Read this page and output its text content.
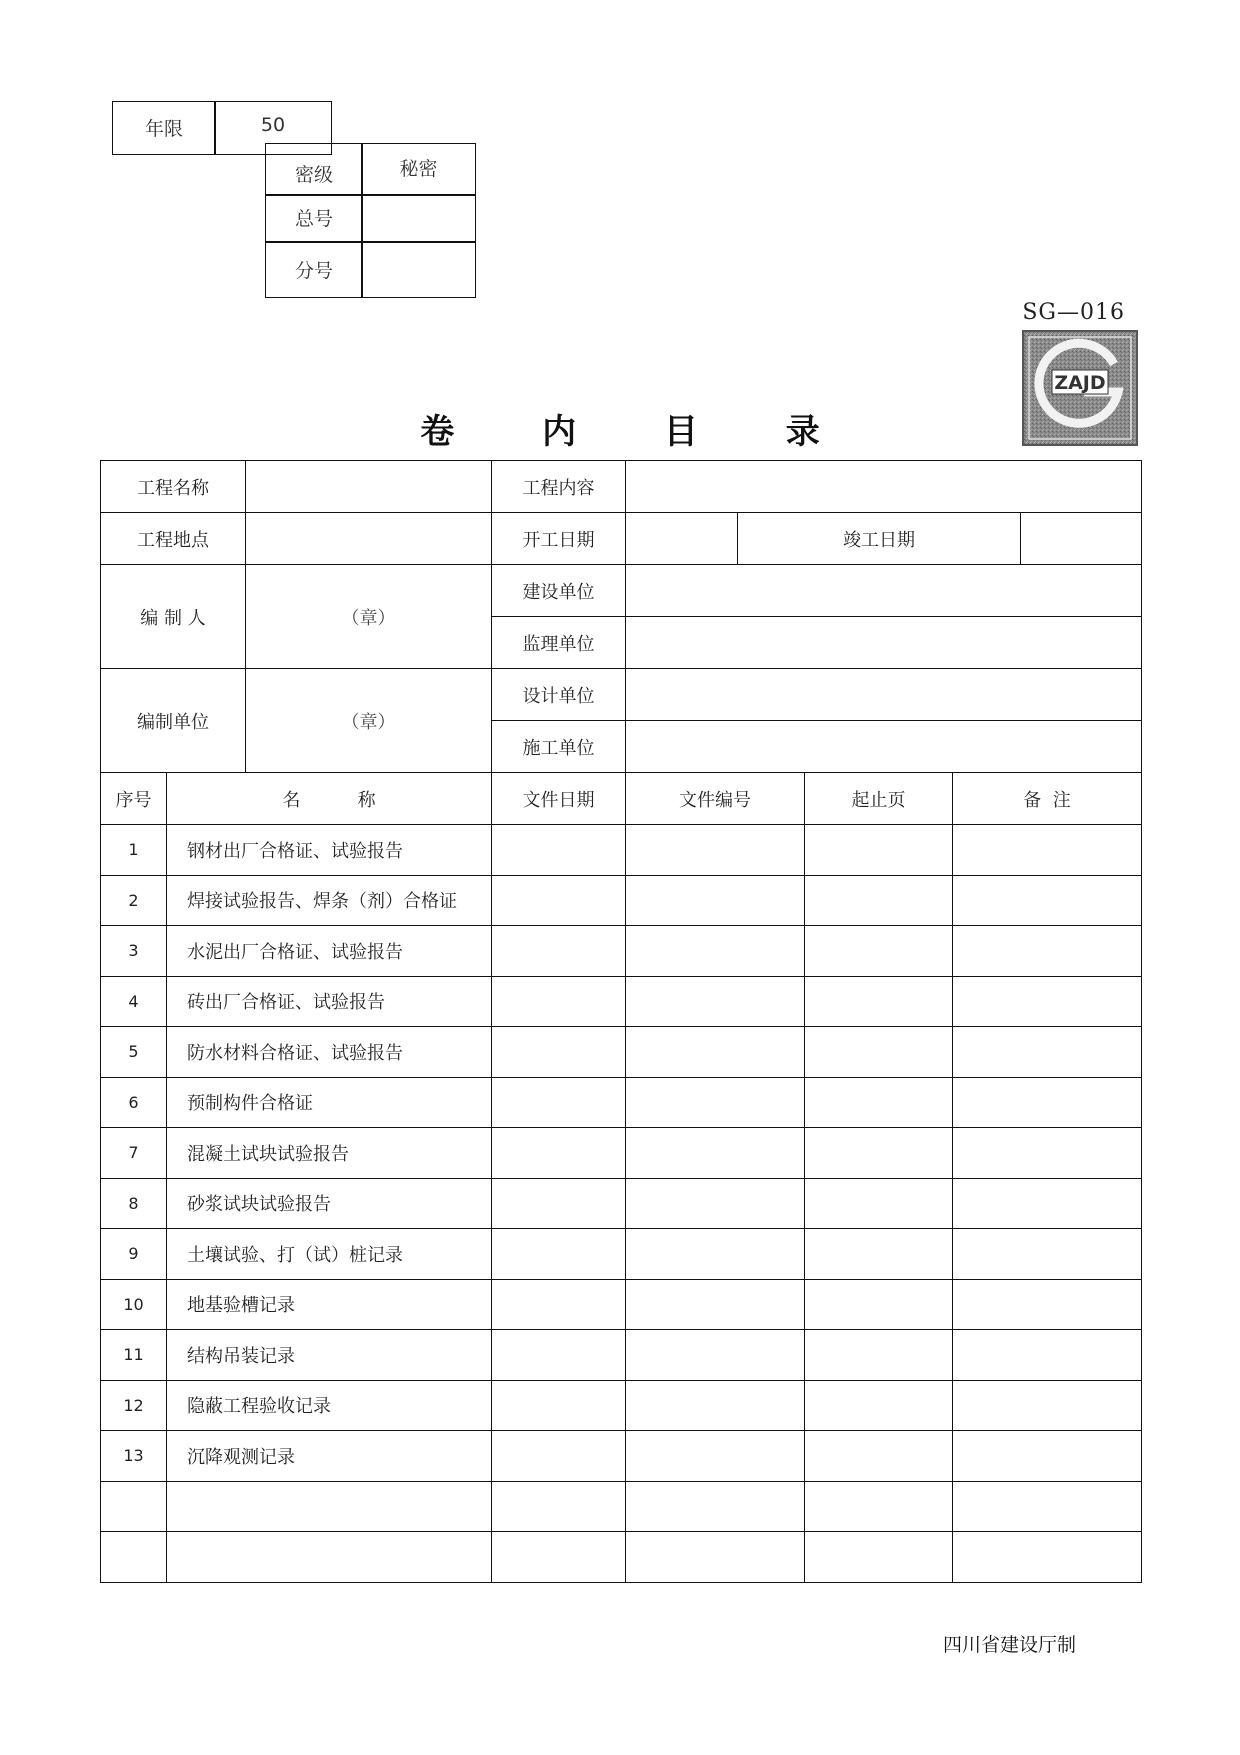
年限	50
密级	秘密
总号
分号
SG—016
ZAJD
卷 内 目 录
工程名称			工程内容					
工程地点			开工日期		竣工日期			
编 制 人		（章）	建设单位					
			监理单位					
编制单位		（章）	设计单位					
			施工单位					
序号	名          称		文件日期	文件编号		起止页	备  注	
1	钢材出厂合格证、试验报告							
2	焊接试验报告、焊条（剂）合格证							
3	水泥出厂合格证、试验报告							
4	砖出厂合格证、试验报告							
5	防水材料合格证、试验报告							
6	预制构件合格证							
7	混凝土试块试验报告							
8	砂浆试块试验报告							
9	土壤试验、打（试）桩记录							
10	地基验槽记录							
11	结构吊装记录							
12	隐蔽工程验收记录							
13	沉降观测记录							

四川省建设厅制
